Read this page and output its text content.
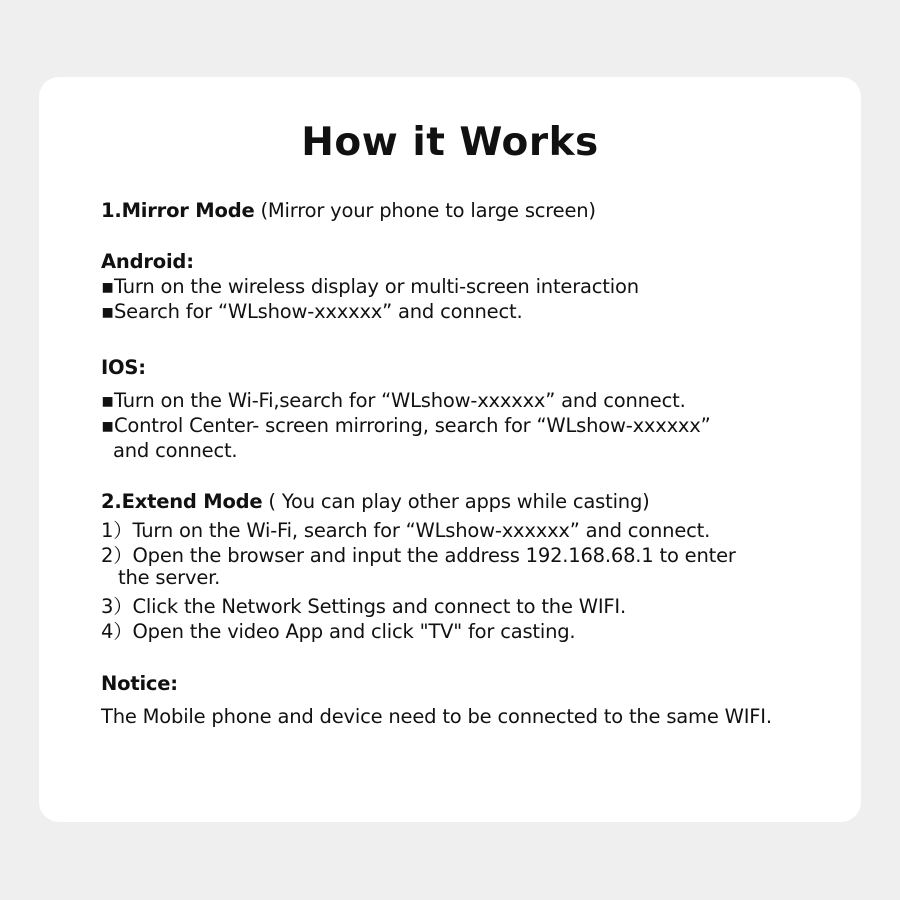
How it Works
1.Mirror Mode (Mirror your phone to large screen)
Android:
▪Turn on the wireless display or multi-screen interaction
▪Search for “WLshow-xxxxxx” and connect.
IOS:
▪Turn on the Wi-Fi,search for “WLshow-xxxxxx” and connect.
▪Control Center- screen mirroring, search for “WLshow-xxxxxx”
and connect.
2.Extend Mode ( You can play other apps while casting)
1）Turn on the Wi-Fi, search for “WLshow-xxxxxx” and connect.
2）Open the browser and input the address 192.168.68.1 to enter
the server.
3）Click the Network Settings and connect to the WIFI.
4）Open the video App and click "TV" for casting.
Notice:
The Mobile phone and device need to be connected to the same WIFI.
